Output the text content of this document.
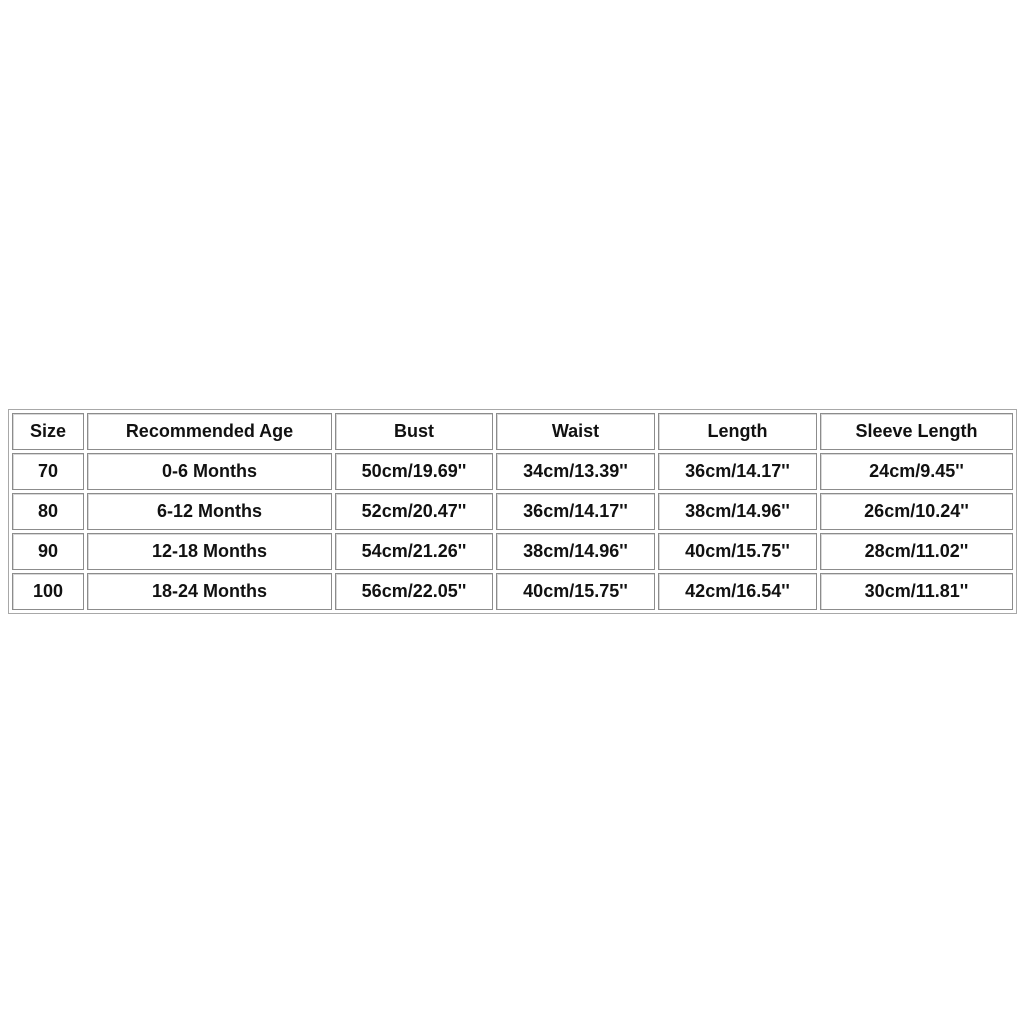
Size	Recommended Age	Bust	Waist	Length	Sleeve Length
70	0-6 Months	50cm/19.69''	34cm/13.39''	36cm/14.17''	24cm/9.45''
80	6-12 Months	52cm/20.47''	36cm/14.17''	38cm/14.96''	26cm/10.24''
90	12-18 Months	54cm/21.26''	38cm/14.96''	40cm/15.75''	28cm/11.02''
100	18-24 Months	56cm/22.05''	40cm/15.75''	42cm/16.54''	30cm/11.81''
